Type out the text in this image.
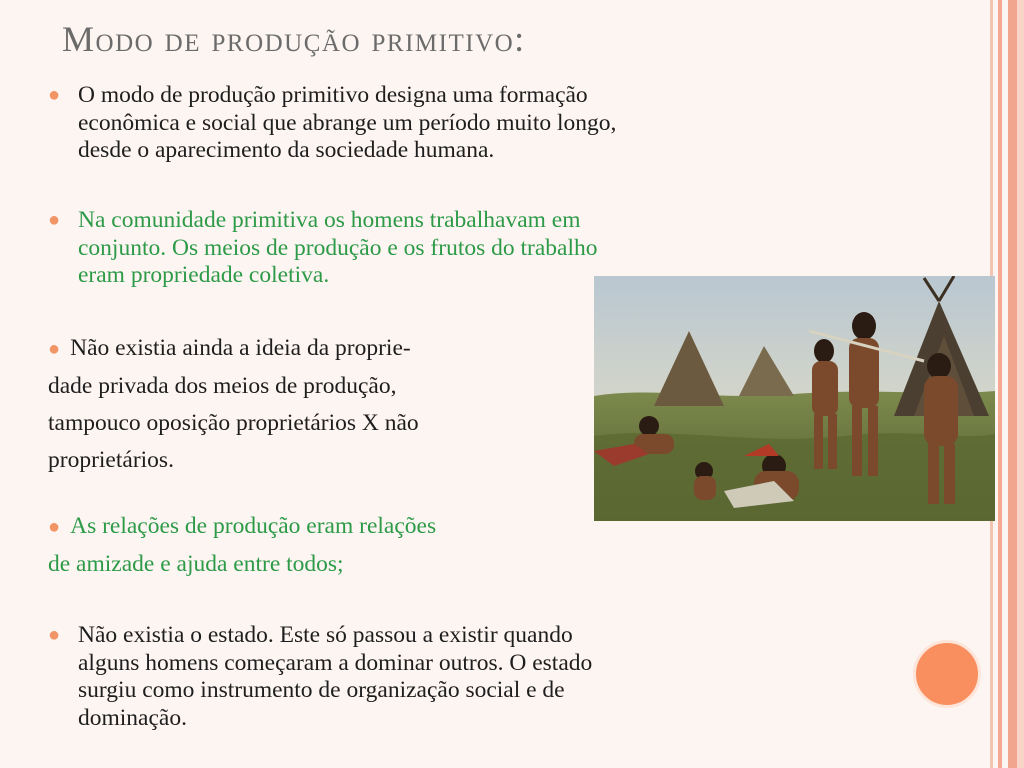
Modo de produção primitivo:
● O modo de produção primitivo designa uma formação
econômica e social que abrange um período muito longo,
desde o aparecimento da sociedade humana.
● Na comunidade primitiva os homens trabalhavam em
conjunto. Os meios de produção e os frutos do trabalho
eram propriedade coletiva.
● Não existia ainda a ideia da proprie-
dade privada dos meios de produção,
tampouco oposição proprietários X não
proprietários.
● As relações de produção eram relações
de amizade e ajuda entre todos;
● Não existia o estado. Este só passou a existir quando
alguns homens começaram a dominar outros. O estado
surgiu como instrumento de organização social e de
dominação.
